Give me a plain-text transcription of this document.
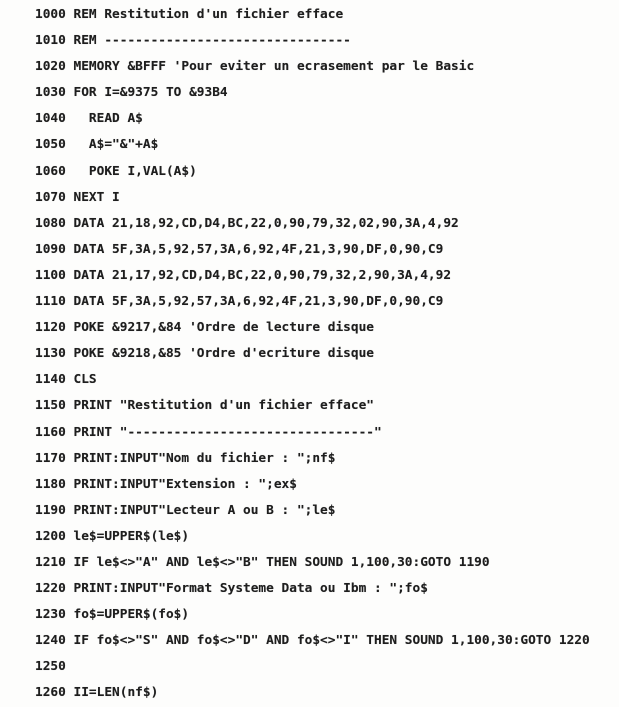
1000 REM Restitution d'un fichier efface
1010 REM --------------------------------
1020 MEMORY &BFFF 'Pour eviter un ecrasement par le Basic
1030 FOR I=&9375 TO &93B4
1040   READ A$
1050   A$="&"+A$
1060   POKE I,VAL(A$)
1070 NEXT I
1080 DATA 21,18,92,CD,D4,BC,22,0,90,79,32,02,90,3A,4,92
1090 DATA 5F,3A,5,92,57,3A,6,92,4F,21,3,90,DF,0,90,C9
1100 DATA 21,17,92,CD,D4,BC,22,0,90,79,32,2,90,3A,4,92
1110 DATA 5F,3A,5,92,57,3A,6,92,4F,21,3,90,DF,0,90,C9
1120 POKE &9217,&84 'Ordre de lecture disque
1130 POKE &9218,&85 'Ordre d'ecriture disque
1140 CLS
1150 PRINT "Restitution d'un fichier efface"
1160 PRINT "--------------------------------"
1170 PRINT:INPUT"Nom du fichier : ";nf$
1180 PRINT:INPUT"Extension : ";ex$
1190 PRINT:INPUT"Lecteur A ou B : ";le$
1200 le$=UPPER$(le$)
1210 IF le$<>"A" AND le$<>"B" THEN SOUND 1,100,30:GOTO 1190
1220 PRINT:INPUT"Format Systeme Data ou Ibm : ";fo$
1230 fo$=UPPER$(fo$)
1240 IF fo$<>"S" AND fo$<>"D" AND fo$<>"I" THEN SOUND 1,100,30:GOTO 1220
1250
1260 II=LEN(nf$)
